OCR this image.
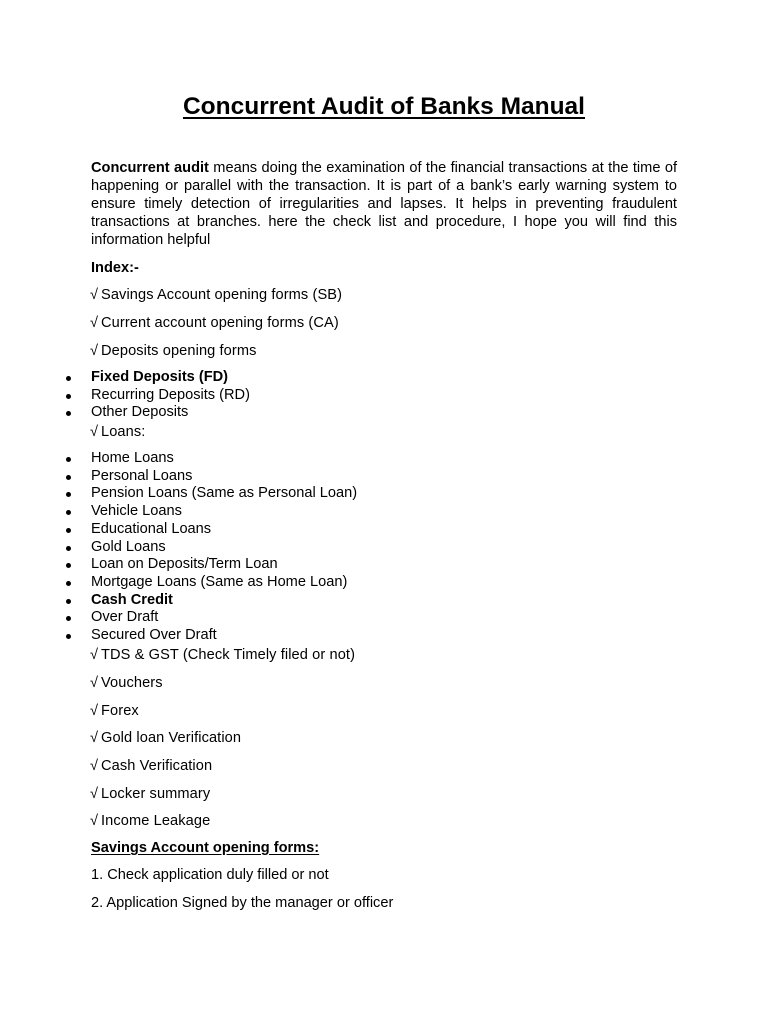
Concurrent Audit of Banks Manual

Concurrent audit means doing the examination of the financial transactions at the time of happening or parallel with the transaction. It is part of a bank’s early warning system to ensure timely detection of irregularities and lapses. It helps in preventing fraudulent transactions at branches. here the check list and procedure, I hope you will find this information helpful

Index:-
√ Savings Account opening forms (SB)
√ Current account opening forms (CA)
√ Deposits opening forms
Fixed Deposits (FD)
Recurring Deposits (RD)
Other Deposits
√ Loans:
Home Loans
Personal Loans
Pension Loans (Same as Personal Loan)
Vehicle Loans
Educational Loans
Gold Loans
Loan on Deposits/Term Loan
Mortgage Loans (Same as Home Loan)
Cash Credit
Over Draft
Secured Over Draft
√ TDS & GST (Check Timely filed or not)
√ Vouchers
√ Forex
√ Gold loan Verification
√ Cash Verification
√ Locker summary
√ Income Leakage
Savings Account opening forms:
1. Check application duly filled or not
2. Application Signed by the manager or officer
